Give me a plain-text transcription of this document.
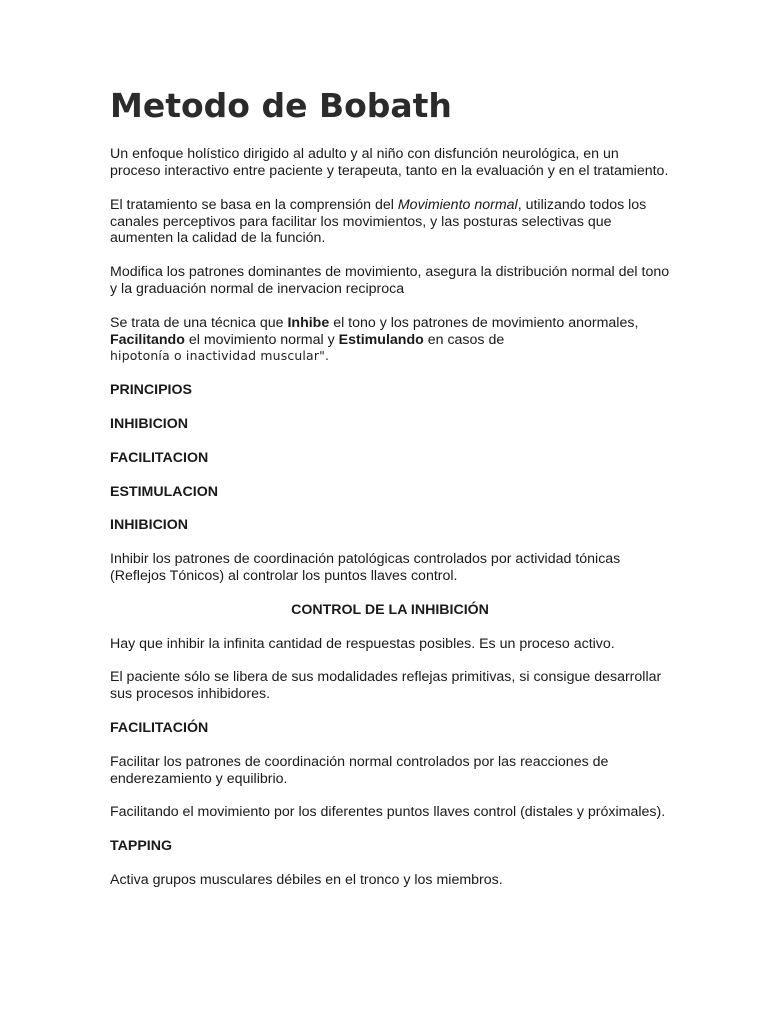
Metodo de Bobath

Un enfoque holístico dirigido al adulto y al niño con disfunción neurológica, en un proceso interactivo entre paciente y terapeuta, tanto en la evaluación y en el tratamiento.

El tratamiento se basa en la comprensión del Movimiento normal, utilizando todos los canales perceptivos para facilitar los movimientos, y las posturas selectivas que aumenten la calidad de la función.

Modifica los patrones dominantes de movimiento, asegura la distribución normal del tono y la graduación normal de inervacion reciproca

Se trata de una técnica que Inhibe el tono y los patrones de movimiento anormales, Facilitando el movimiento normal y Estimulando en casos de
hipotonía o inactividad muscular".

PRINCIPIOS

INHIBICION

FACILITACION

ESTIMULACION

INHIBICION

Inhibir los patrones de coordinación patológicas controlados por actividad tónicas (Reflejos Tónicos) al controlar los puntos llaves control.

CONTROL DE LA INHIBICIÓN

Hay que inhibir la infinita cantidad de respuestas posibles. Es un proceso activo.

El paciente sólo se libera de sus modalidades reflejas primitivas, si consigue desarrollar sus procesos inhibidores.

FACILITACIÓN

Facilitar los patrones de coordinación normal controlados por las reacciones de enderezamiento y equilibrio.

Facilitando el movimiento por los diferentes puntos llaves control (distales y próximales).

TAPPING

Activa grupos musculares débiles en el tronco y los miembros.
